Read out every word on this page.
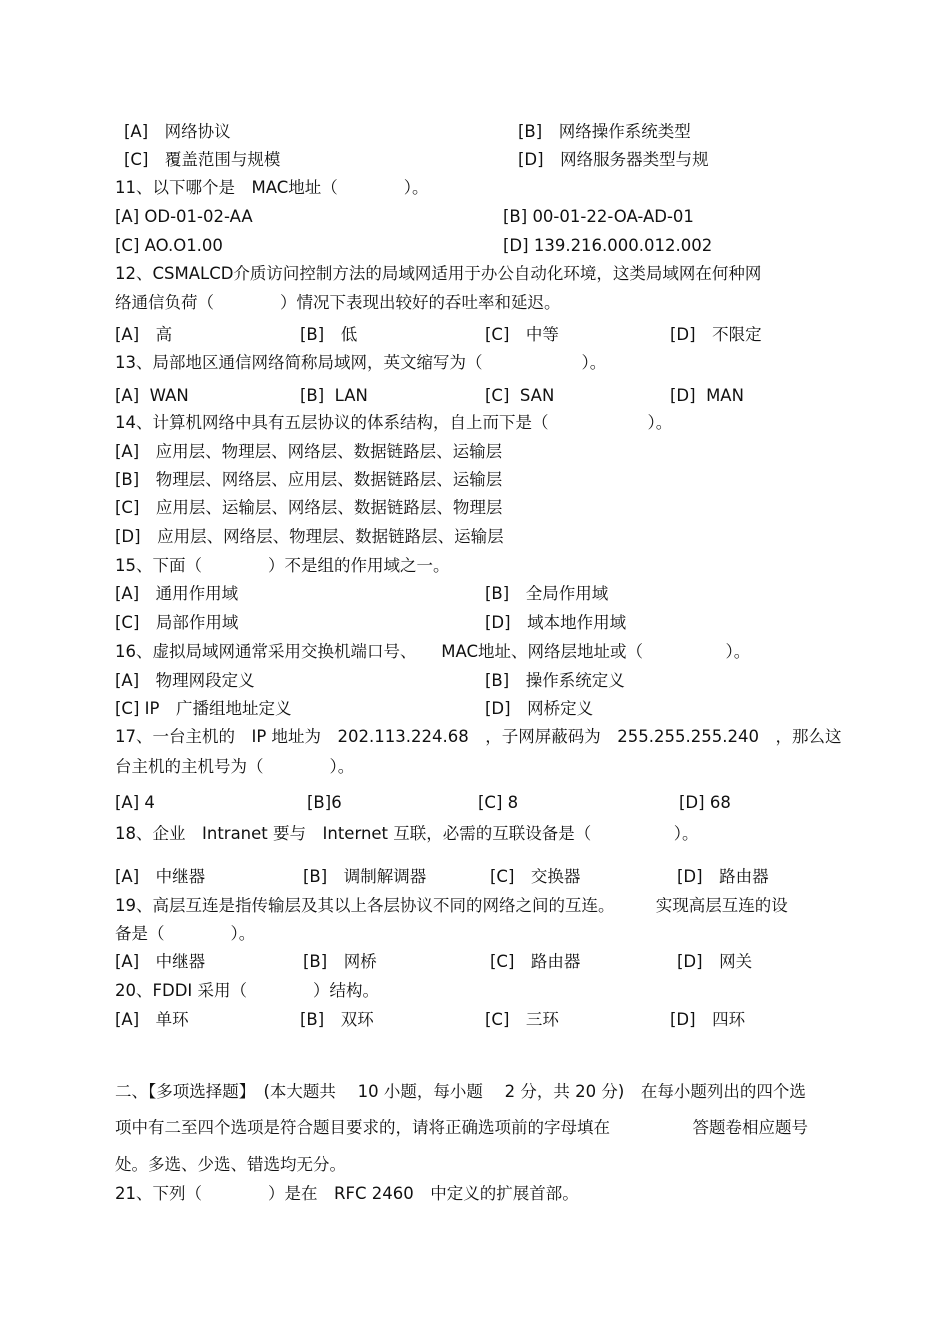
[A]　网络协议	[B]　网络操作系统类型
[C]　覆盖范围与规模	[D]　网络服务器类型与规
11、以下哪个是　MAC地址（　　　　）。
[A] OD-01-02-AA	[B] 00-01-22-OA-AD-01
[C] AO.O1.00	[D] 139.216.000.012.002
12、CSMALCD介质访问控制方法的局域网适用于办公自动化环境，这类局域网在何种网
络通信负荷（　　　　）情况下表现出较好的吞吐率和延迟。
[A]　高	[B]　低	[C]　中等	[D]　不限定
13、局部地区通信网络简称局域网，英文缩写为（　　　　　　）。
[A]  WAN	[B]  LAN	[C]  SAN	[D]  MAN
14、计算机网络中具有五层协议的体系结构，自上而下是（　　　　　　）。
[A]　应用层、物理层、网络层、数据链路层、运输层
[B]　物理层、网络层、应用层、数据链路层、运输层
[C]　应用层、运输层、网络层、数据链路层、物理层
[D]　应用层、网络层、物理层、数据链路层、运输层
15、下面（　　　　）不是组的作用域之一。
[A]　通用作用域	[B]　全局作用域
[C]　局部作用域	[D]　域本地作用域
16、虚拟局域网通常采用交换机端口号、　　MAC地址、网络层地址或（　　　　　）。
[A]　物理网段定义	[B]　操作系统定义
[C] IP　广播组地址定义	[D]　网桥定义
17、一台主机的　IP 地址为　202.113.224.68　，子网屏蔽码为　255.255.255.240　，那么这
台主机的主机号为（　　　　）。
[A] 4	[B]6	[C] 8	[D] 68
18、企业　Intranet 要与　Internet 互联，必需的互联设备是（　　　　　）。
[A]　中继器	[B]　调制解调器	[C]　交换器	[D]　路由器
19、高层互连是指传输层及其以上各层协议不同的网络之间的互连。　　　实现高层互连的设
备是（　　　　）。
[A]　中继器	[B]　网桥	[C]　路由器	[D]　网关
20、FDDI 采用（　　　　）结构。
[A]　单环	[B]　双环	[C]　三环	[D]　四环
二、【多项选择题】　(本大题共　 10 小题，每小题　 2 分，共 20 分)　在每小题列出的四个选
项中有二至四个选项是符合题目要求的，请将正确选项前的字母填在　　　　　答题卷相应题号
处。多选、少选、错选均无分。
21、下列（　　　　）是在　RFC 2460　中定义的扩展首部。
